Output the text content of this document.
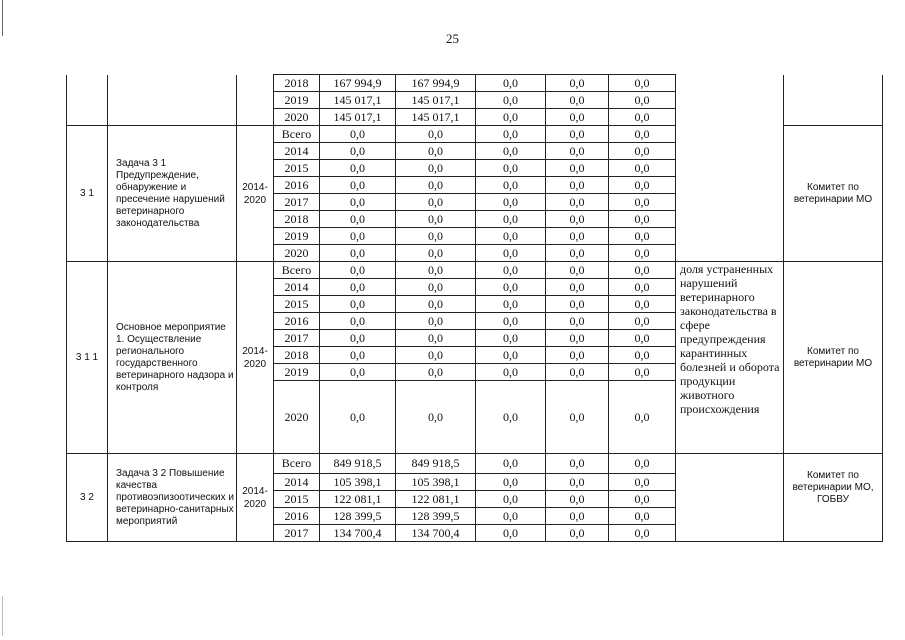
25
			2018	167 994,9	167 994,9	0,0	0,0	0,0		
			2019	145 017,1	145 017,1	0,0	0,0	0,0		
			2020	145 017,1	145 017,1	0,0	0,0	0,0		
3 1	Задача 3 1 Предупреждение, обнаружение и пресечение нарушений ветеринарного законодательства	2014-2020	Всего	0,0	0,0	0,0	0,0	0,0		Комитет по ветеринарии МО
			2014	0,0	0,0	0,0	0,0	0,0		
			2015	0,0	0,0	0,0	0,0	0,0		
			2016	0,0	0,0	0,0	0,0	0,0		
			2017	0,0	0,0	0,0	0,0	0,0		
			2018	0,0	0,0	0,0	0,0	0,0		
			2019	0,0	0,0	0,0	0,0	0,0		
			2020	0,0	0,0	0,0	0,0	0,0		
3 1 1	Основное мероприятие 1. Осуществление регионального государственного ветеринарного надзора и контроля	2014-2020	Всего	0,0	0,0	0,0	0,0	0,0	доля устраненных нарушений ветеринарного законодательства в сфере предупреждения карантинных болезней и оборота продукции животного происхождения	Комитет по ветеринарии МО
			2014	0,0	0,0	0,0	0,0	0,0		
			2015	0,0	0,0	0,0	0,0	0,0		
			2016	0,0	0,0	0,0	0,0	0,0		
			2017	0,0	0,0	0,0	0,0	0,0		
			2018	0,0	0,0	0,0	0,0	0,0		
			2019	0,0	0,0	0,0	0,0	0,0		
			2020	0,0	0,0	0,0	0,0	0,0		
3 2	Задача 3 2 Повышение качества противоэпизоотических и ветеринарно-санитарных мероприятий	2014-2020	Всего	849 918,5	849 918,5	0,0	0,0	0,0		Комитет по ветеринарии МО, ГОБВУ
			2014	105 398,1	105 398,1	0,0	0,0	0,0		
			2015	122 081,1	122 081,1	0,0	0,0	0,0		
			2016	128 399,5	128 399,5	0,0	0,0	0,0		
			2017	134 700,4	134 700,4	0,0	0,0	0,0		
